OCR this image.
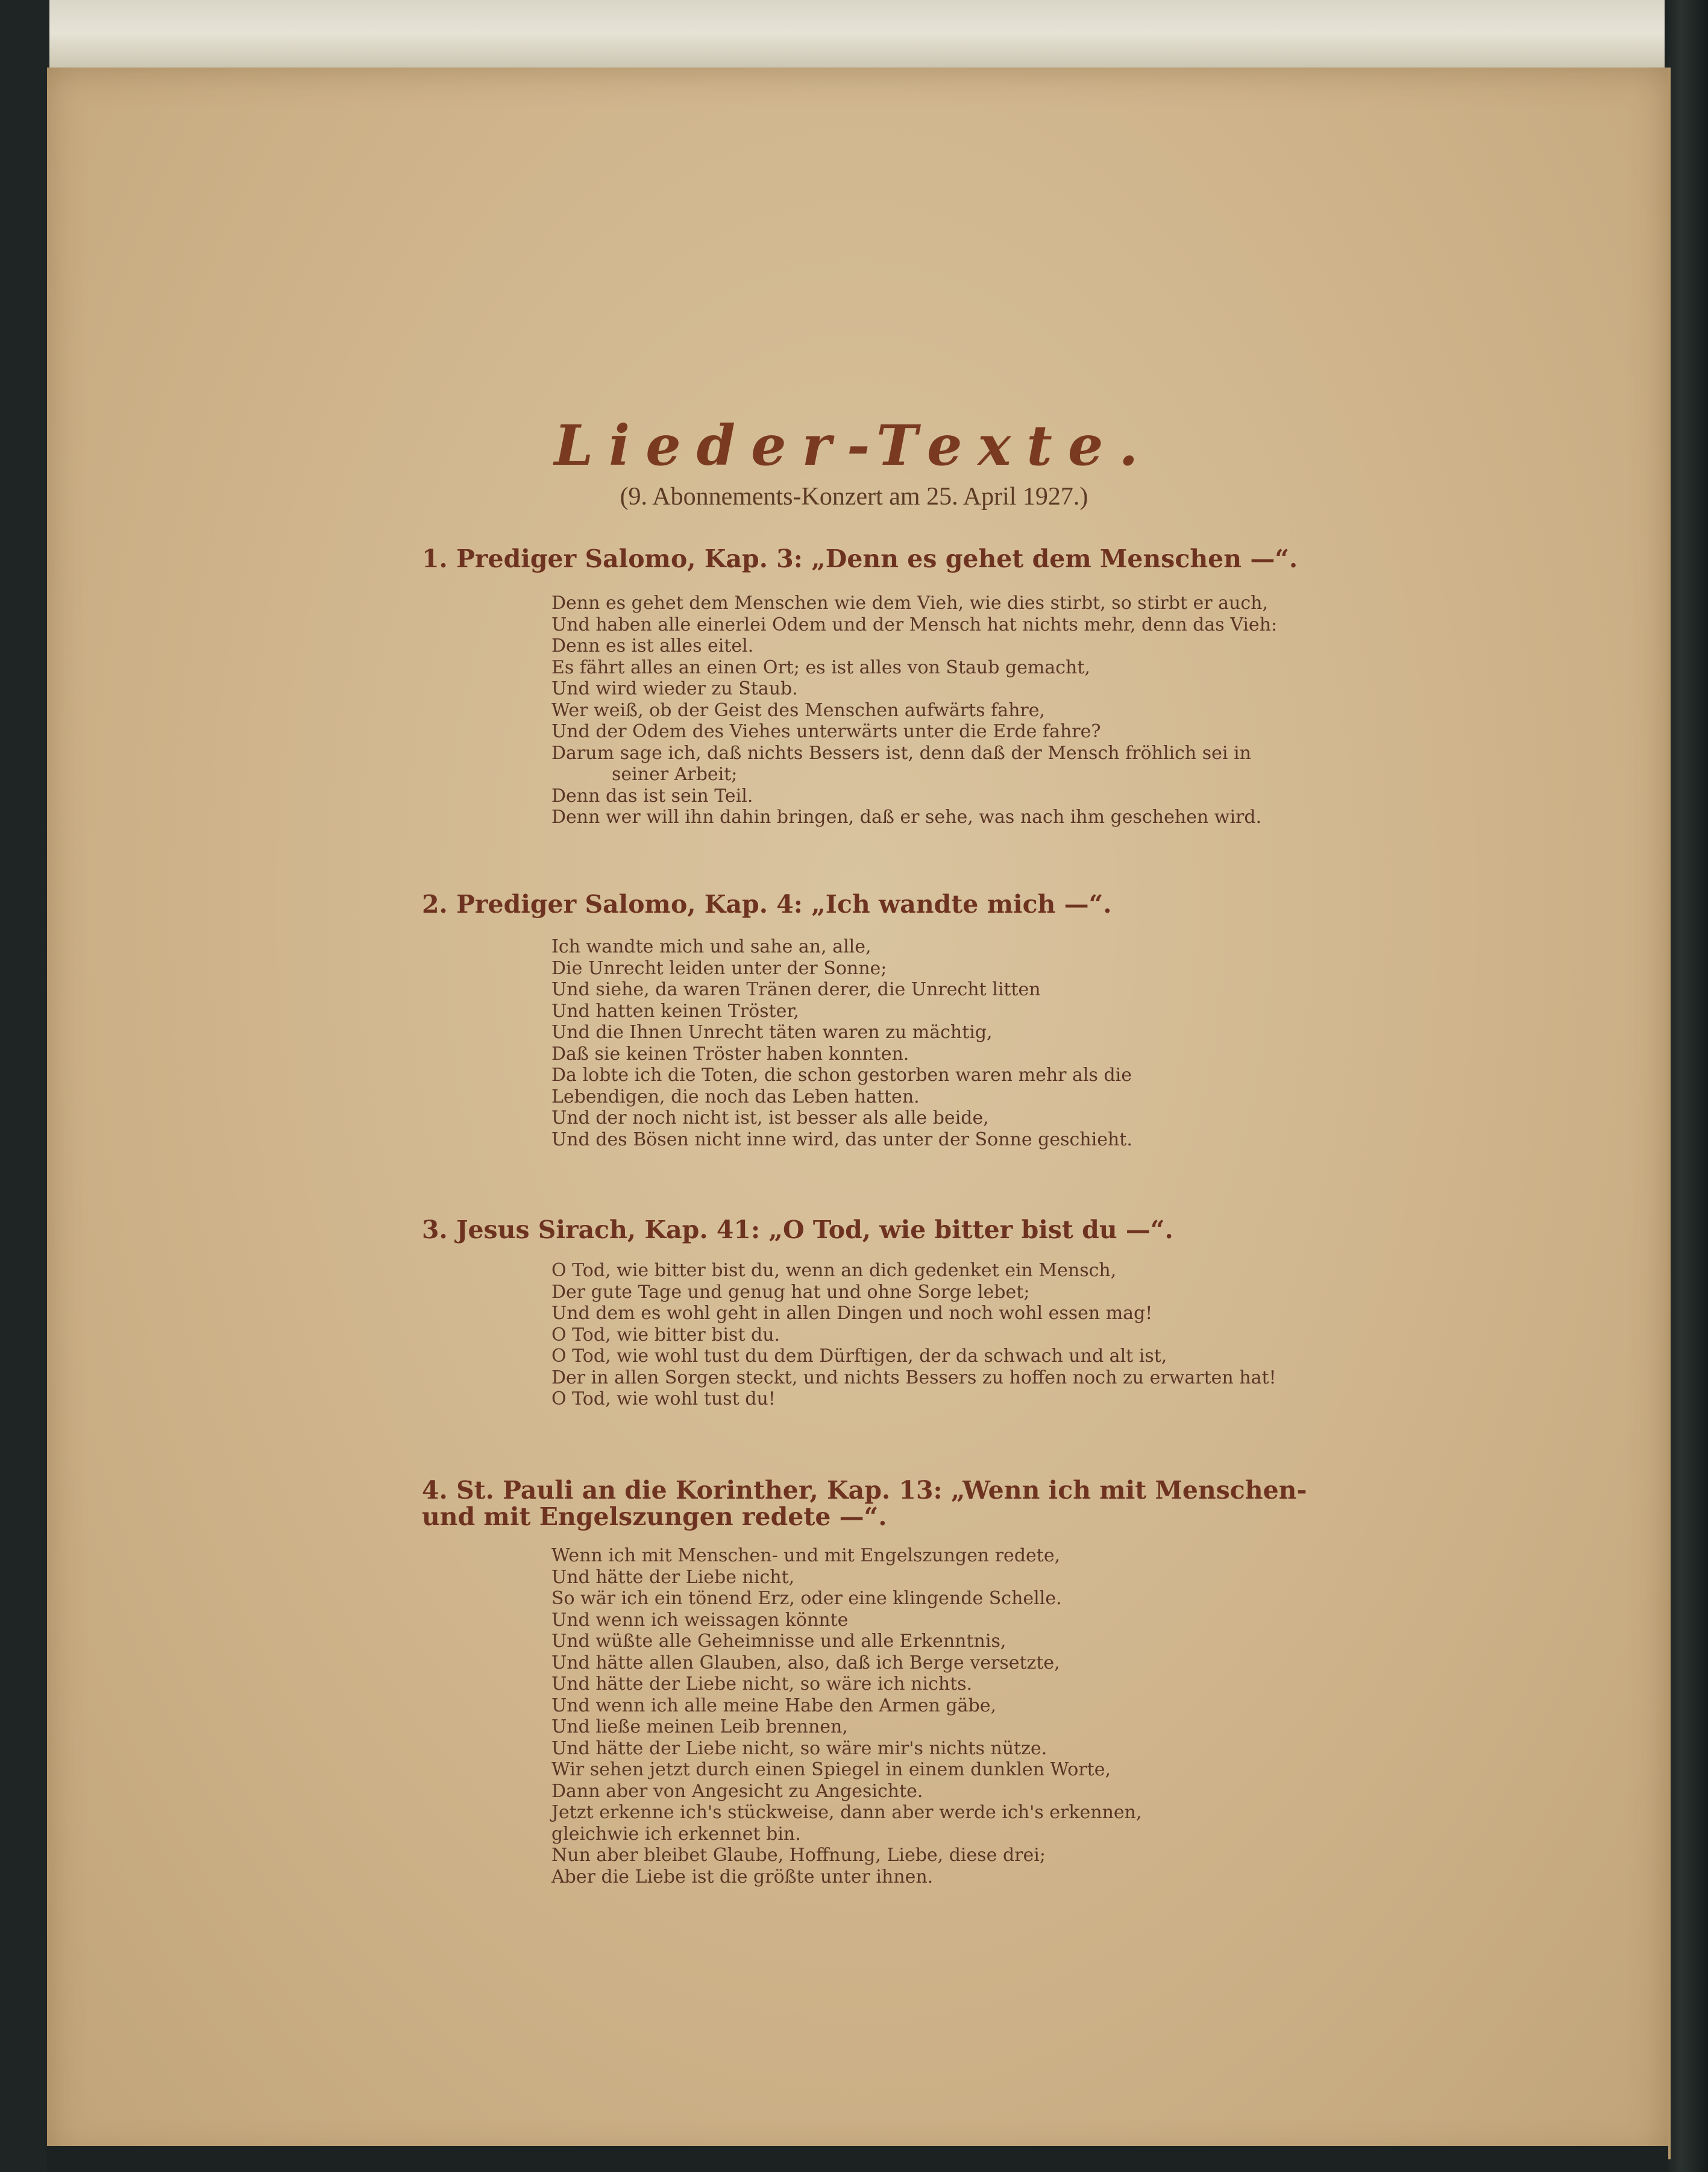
Lieder-Texte.

(9. Abonnements-Konzert am 25. April 1927.)

1. Prediger Salomo, Kap. 3: „Denn es gehet dem Menschen —“.
Denn es gehet dem Menschen wie dem Vieh, wie dies stirbt, so stirbt er auch,
Und haben alle einerlei Odem und der Mensch hat nichts mehr, denn das Vieh:
Denn es ist alles eitel.
Es fährt alles an einen Ort; es ist alles von Staub gemacht,
Und wird wieder zu Staub.
Wer weiß, ob der Geist des Menschen aufwärts fahre,
Und der Odem des Viehes unterwärts unter die Erde fahre?
Darum sage ich, daß nichts Bessers ist, denn daß der Mensch fröhlich sei in
seiner Arbeit;
Denn das ist sein Teil.
Denn wer will ihn dahin bringen, daß er sehe, was nach ihm geschehen wird.
2. Prediger Salomo, Kap. 4: „Ich wandte mich —“.
Ich wandte mich und sahe an, alle,
Die Unrecht leiden unter der Sonne;
Und siehe, da waren Tränen derer, die Unrecht litten
Und hatten keinen Tröster,
Und die Ihnen Unrecht täten waren zu mächtig,
Daß sie keinen Tröster haben konnten.
Da lobte ich die Toten, die schon gestorben waren mehr als die
Lebendigen, die noch das Leben hatten.
Und der noch nicht ist, ist besser als alle beide,
Und des Bösen nicht inne wird, das unter der Sonne geschieht.
3. Jesus Sirach, Kap. 41: „O Tod, wie bitter bist du —“.
O Tod, wie bitter bist du, wenn an dich gedenket ein Mensch,
Der gute Tage und genug hat und ohne Sorge lebet;
Und dem es wohl geht in allen Dingen und noch wohl essen mag!
O Tod, wie bitter bist du.
O Tod, wie wohl tust du dem Dürftigen, der da schwach und alt ist,
Der in allen Sorgen steckt, und nichts Bessers zu hoffen noch zu erwarten hat!
O Tod, wie wohl tust du!
4. St. Pauli an die Korinther, Kap. 13: „Wenn ich mit Menschen- und mit Engelszungen redete —“.
Wenn ich mit Menschen- und mit Engelszungen redete,
Und hätte der Liebe nicht,
So wär ich ein tönend Erz, oder eine klingende Schelle.
Und wenn ich weissagen könnte
Und wüßte alle Geheimnisse und alle Erkenntnis,
Und hätte allen Glauben, also, daß ich Berge versetzte,
Und hätte der Liebe nicht, so wäre ich nichts.
Und wenn ich alle meine Habe den Armen gäbe,
Und ließe meinen Leib brennen,
Und hätte der Liebe nicht, so wäre mir's nichts nütze.
Wir sehen jetzt durch einen Spiegel in einem dunklen Worte,
Dann aber von Angesicht zu Angesichte.
Jetzt erkenne ich's stückweise, dann aber werde ich's erkennen,
gleichwie ich erkennet bin.
Nun aber bleibet Glaube, Hoffnung, Liebe, diese drei;
Aber die Liebe ist die größte unter ihnen.
